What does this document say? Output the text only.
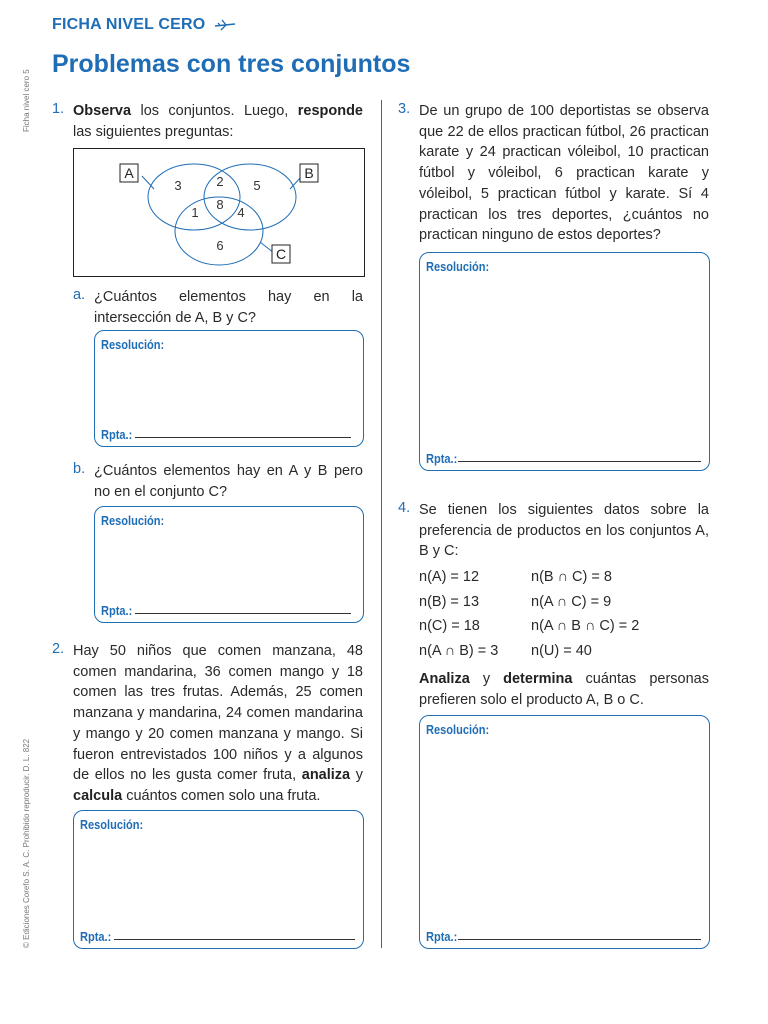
FICHA NIVEL CERO
Problemas con tres conjuntos
Ficha nivel cero 5
© Ediciones Corefo S. A. C. Prohibido reproducir. D. L. 822
1. Observa los conjuntos. Luego, responde las siguientes preguntas:
A	B
C
3	2 5
8
1	4
6
a. ¿Cuántos elementos hay en la intersección de A, B y C?
Resolución:
Rpta.:
b. ¿Cuántos elementos hay en A y B pero no en el conjunto C?
Resolución:
Rpta.:
2. Hay 50 niños que comen manzana, 48 comen mandarina, 36 comen mango y 18 comen las tres frutas. Además, 25 comen manzana y mandarina, 24 comen mandarina y mango y 20 comen manzana y mango. Si fueron entrevistados 100 niños y a algunos de ellos no les gusta comer fruta, analiza y calcula cuántos comen solo una fruta.
Resolución:
Rpta.:
3. De un grupo de 100 deportistas se observa que 22 de ellos practican fútbol, 26 practican karate y 24 practican vóleibol, 10 practican fútbol y vóleibol, 6 practican karate y vóleibol, 5 practican fútbol y karate. Sí 4 practican los tres deportes, ¿cuántos no practican ninguno de estos deportes?
Resolución:
Rpta.:
4. Se tienen los siguientes datos sobre la preferencia de productos en los conjuntos A, B y C:
n(A) = 12	n(B ∩ C) = 8
n(B) = 13	n(A ∩ C) = 9
n(C) = 18	n(A ∩ B ∩ C) = 2
n(A ∩ B) = 3 n(U) = 40
Analiza y determina cuántas personas prefieren solo el producto A, B o C.
Resolución:
Rpta.:
